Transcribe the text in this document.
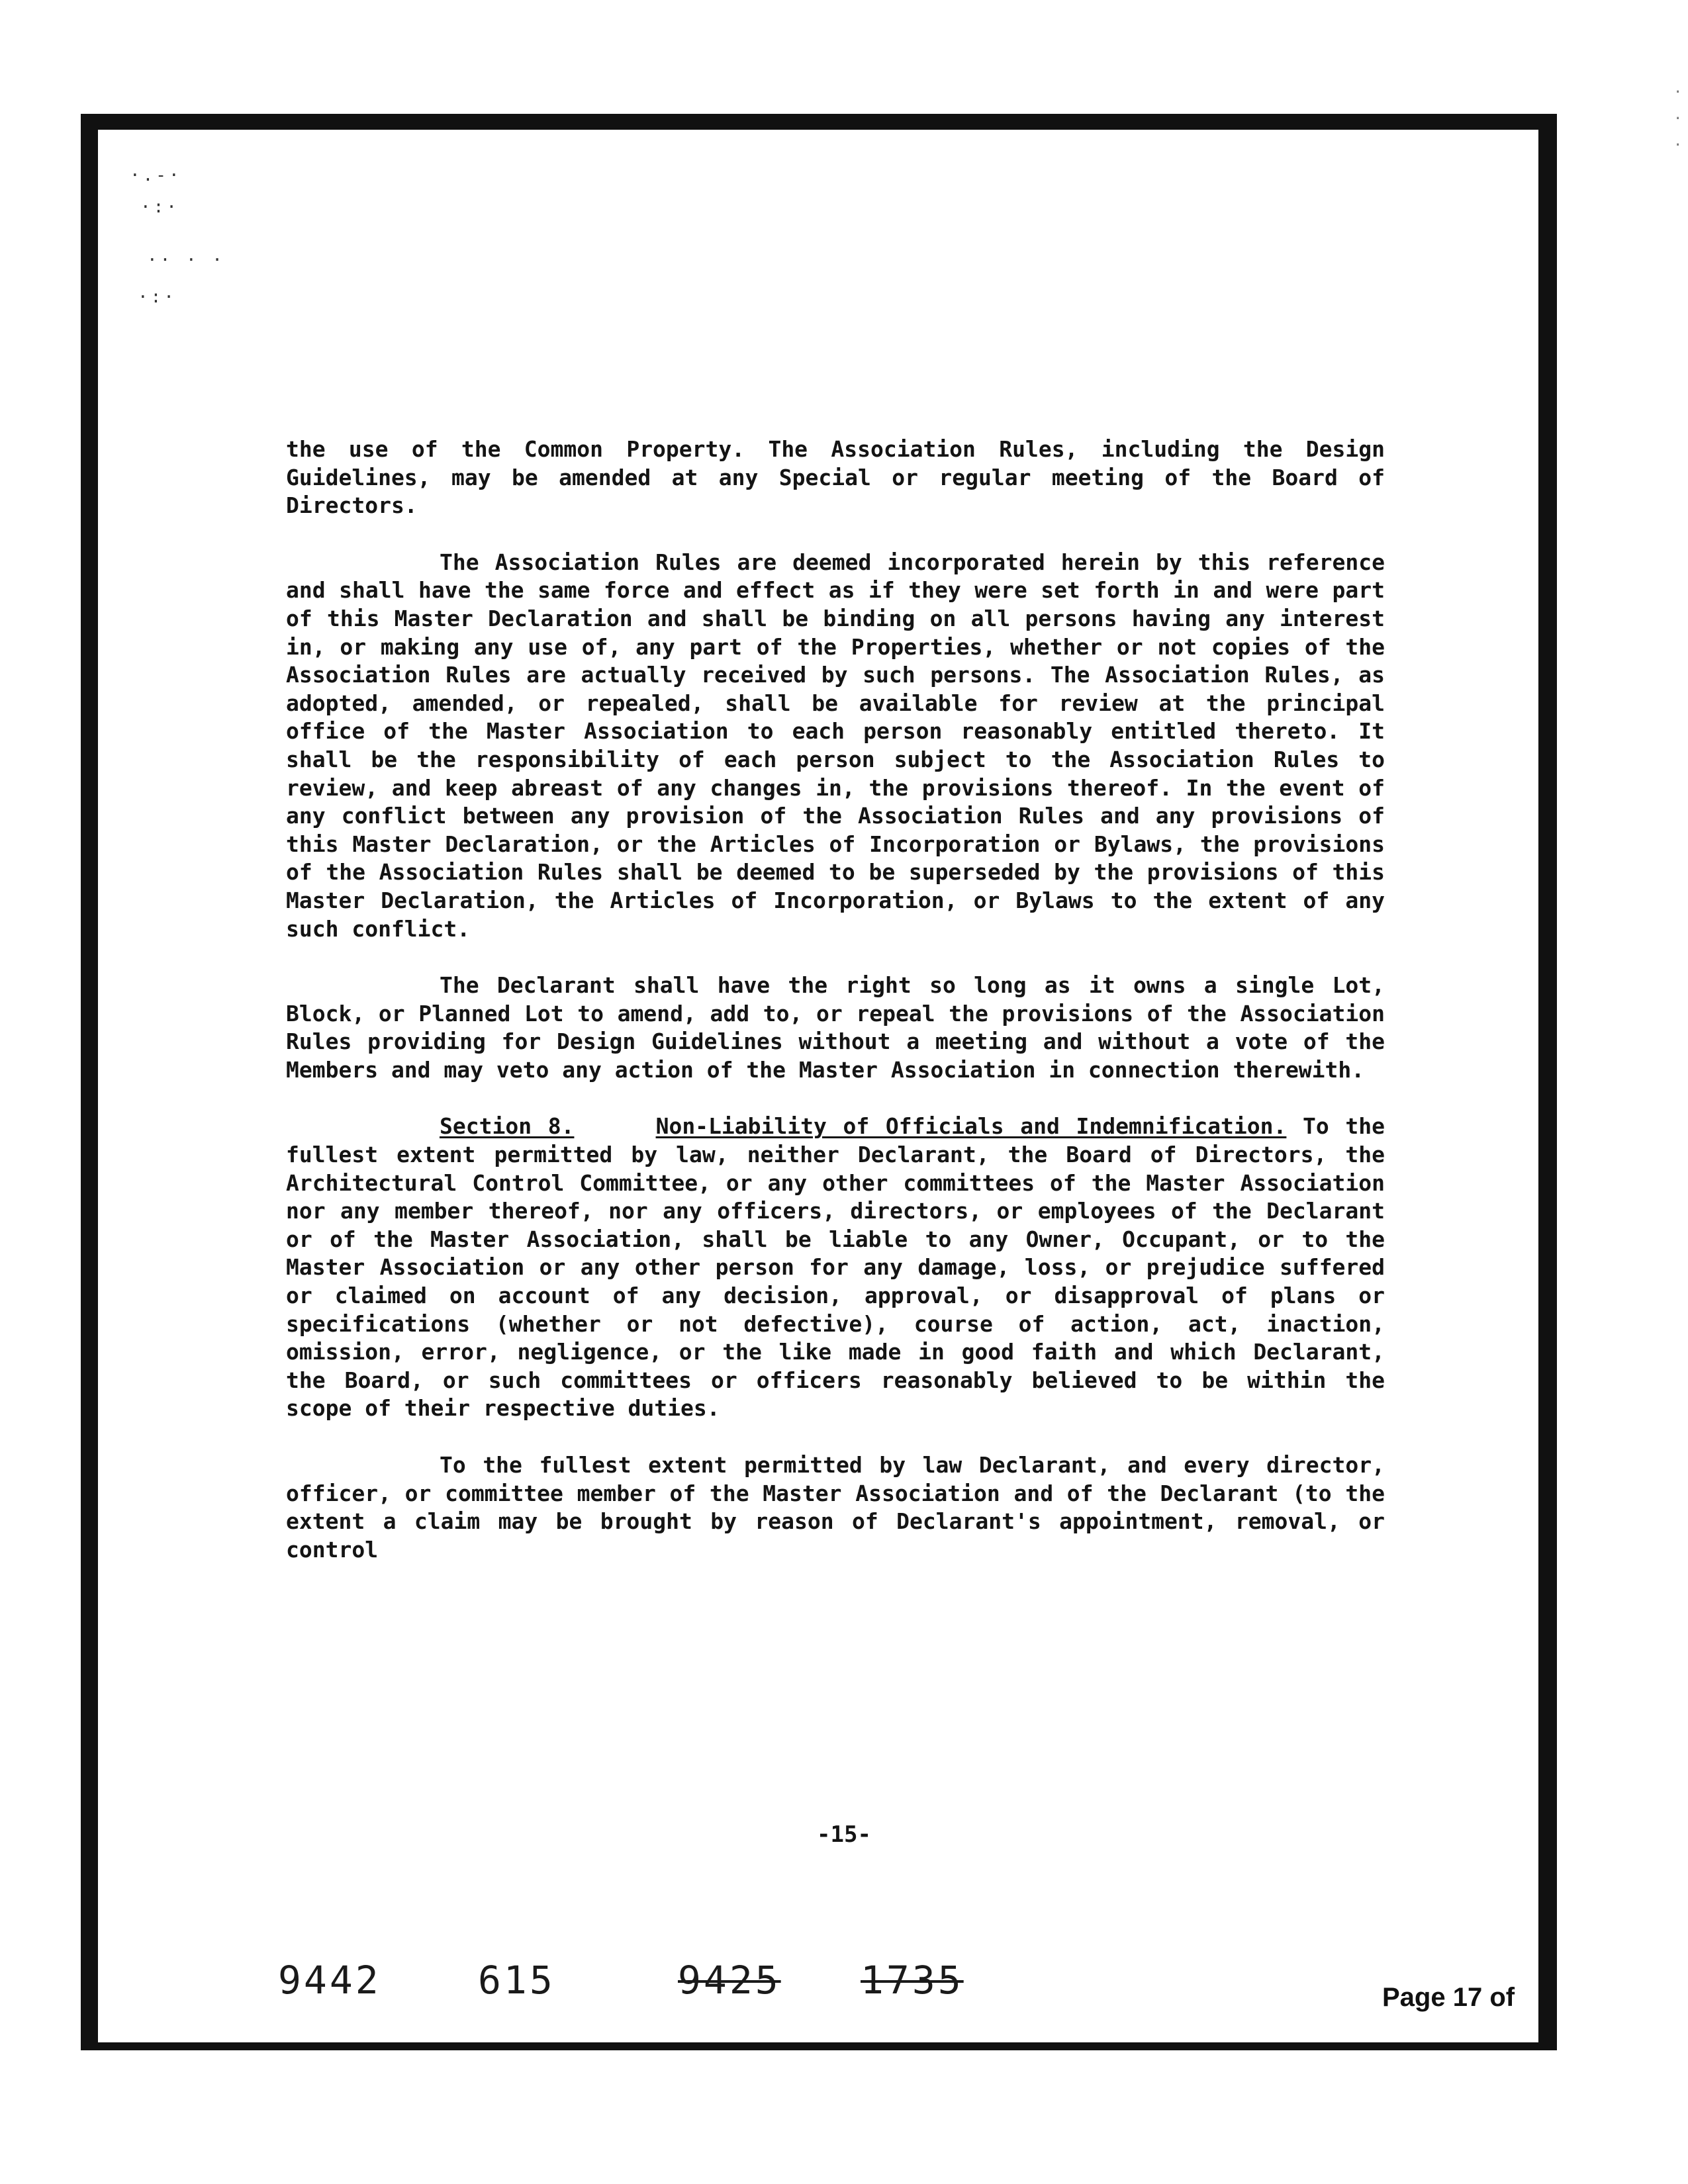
·.-·
·:·
·· · ·
·:·
·
·
·

the use of the Common Property. The Association Rules, including the Design Guidelines, may be amended at any Special or regular meeting of the Board of Directors.

The Association Rules are deemed incorporated herein by this reference and shall have the same force and effect as if they were set forth in and were part of this Master Declaration and shall be binding on all persons having any interest in, or making any use of, any part of the Properties, whether or not copies of the Association Rules are actually received by such persons. The Association Rules, as adopted, amended, or repealed, shall be available for review at the principal office of the Master Association to each person reasonably entitled thereto. It shall be the responsibility of each person subject to the Association Rules to review, and keep abreast of any changes in, the provisions thereof. In the event of any conflict between any provision of the Association Rules and any provisions of this Master Declaration, or the Articles of Incorporation or Bylaws, the provisions of the Association Rules shall be deemed to be superseded by the provisions of this Master Declaration, the Articles of Incorporation, or Bylaws to the extent of any such conflict.

The Declarant shall have the right so long as it owns a single Lot, Block, or Planned Lot to amend, add to, or repeal the provisions of the Association Rules providing for Design Guidelines without a meeting and without a vote of the Members and may veto any action of the Master Association in connection therewith.

Section 8.	Non-Liability of Officials and Indemnification. To the fullest extent permitted by law, neither Declarant, the Board of Directors, the Architectural Control Committee, or any other committees of the Master Association nor any member thereof, nor any officers, directors, or employees of the Declarant or of the Master Association, shall be liable to any Owner, Occupant, or to the Master Association or any other person for any damage, loss, or prejudice suffered or claimed on account of any decision, approval, or disapproval of plans or specifications (whether or not defective), course of action, act, inaction, omission, error, negligence, or the like made in good faith and which Declarant, the Board, or such committees or officers reasonably believed to be within the scope of their respective duties.

To the fullest extent permitted by law Declarant, and every director, officer, or committee member of the Master Association and of the Declarant (to the extent a claim may be brought by reason of Declarant's appointment, removal, or control

-15-
9442	615	9425 1735	Page 17 of
